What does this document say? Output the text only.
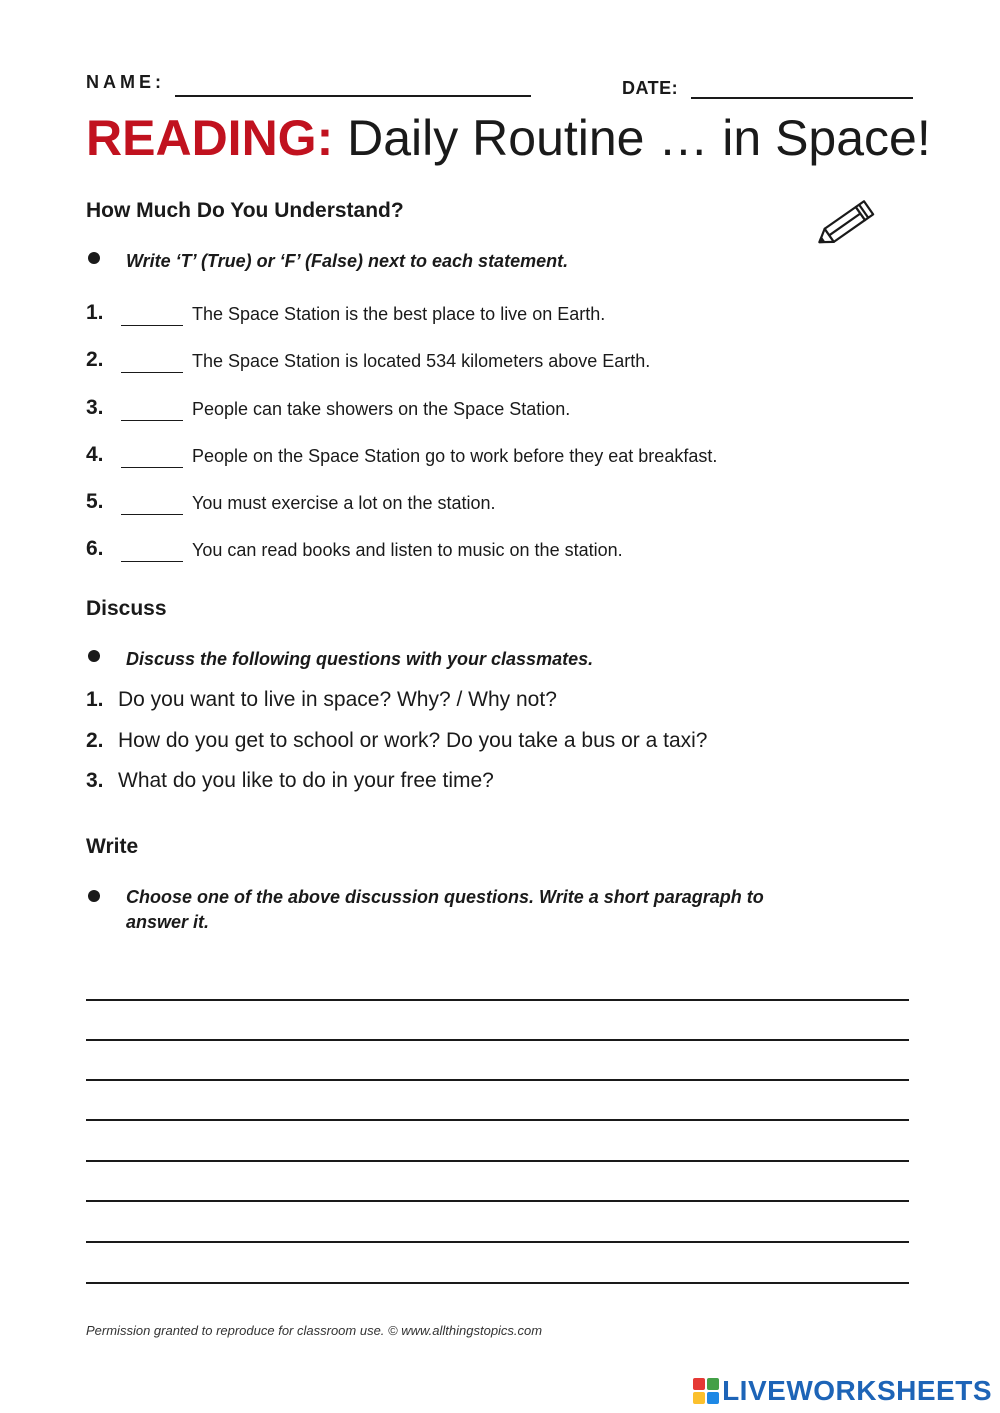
NAME:	DATE:
READING: Daily Routine … in Space!
How Much Do You Understand?
Write ‘T’ (True) or ‘F’ (False) next to each statement.
1.	The Space Station is the best place to live on Earth.
2.	The Space Station is located 534 kilometers above Earth.
3.	People can take showers on the Space Station.
4.	People on the Space Station go to work before they eat breakfast.
5.	You must exercise a lot on the station.
6.	You can read books and listen to music on the station.
Discuss
Discuss the following questions with your classmates.
1. Do you want to live in space? Why? / Why not?
2. How do you get to school or work? Do you take a bus or a taxi?
3. What do you like to do in your free time?
Write
Choose one of the above discussion questions. Write a short paragraph to
answer it.
Permission granted to reproduce for classroom use. © www.allthingstopics.com
LIVEWORKSHEETS
